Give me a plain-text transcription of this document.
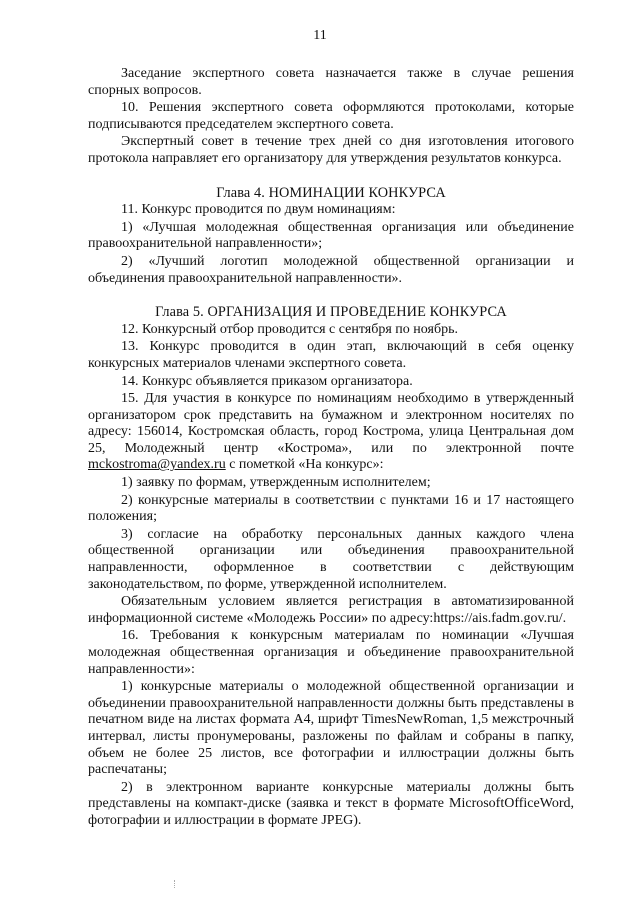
11

Заседание экспертного совета назначается также в случае решения спорных вопросов.

10. Решения экспертного совета оформляются протоколами, которые подписываются председателем экспертного совета.

Экспертный совет в течение трех дней со дня изготовления итогового протокола направляет его организатору для утверждения результатов конкурса.

Глава 4. НОМИНАЦИИ КОНКУРСА

11. Конкурс проводится по двум номинациям:

1) «Лучшая молодежная общественная организация или объединение правоохранительной направленности»;

2) «Лучший логотип молодежной общественной организации и объединения правоохранительной направленности».

Глава 5. ОРГАНИЗАЦИЯ И ПРОВЕДЕНИЕ КОНКУРСА

12. Конкурсный отбор проводится с сентября по ноябрь.

13. Конкурс проводится в один этап, включающий в себя оценку конкурсных материалов членами экспертного совета.

14. Конкурс объявляется приказом организатора.

15. Для участия в конкурсе по номинациям необходимо в утвержденный организатором срок представить на бумажном и электронном носителях по адресу: 156014, Костромская область, город Кострома, улица Центральная дом 25, Молодежный центр «Кострома», или по электронной почте mckostroma@yandex.ru с пометкой «На конкурс»:

1) заявку по формам, утвержденным исполнителем;

2) конкурсные материалы в соответствии с пунктами 16 и 17 настоящего положения;

3) согласие на обработку персональных данных каждого члена общественной организации или объединения правоохранительной направленности, оформленное в соответствии с действующим законодательством, по форме, утвержденной исполнителем.

Обязательным условием является регистрация в автоматизированной информационной системе «Молодежь России» по адресу:https://ais.fadm.gov.ru/.

16. Требования к конкурсным материалам по номинации «Лучшая молодежная общественная организация и объединение правоохранительной направленности»:

1) конкурсные материалы о молодежной общественной организации и объединении правоохранительной направленности должны быть представлены в печатном виде на листах формата А4, шрифт TimesNewRoman, 1,5 межстрочный интервал, листы пронумерованы, разложены по файлам и собраны в папку, объем не более 25 листов, все фотографии и иллюстрации должны быть распечатаны;

2) в электронном варианте конкурсные материалы должны быть представлены на компакт-диске (заявка и текст в формате MicrosoftOfficeWord, фотографии и иллюстрации в формате JPEG).
